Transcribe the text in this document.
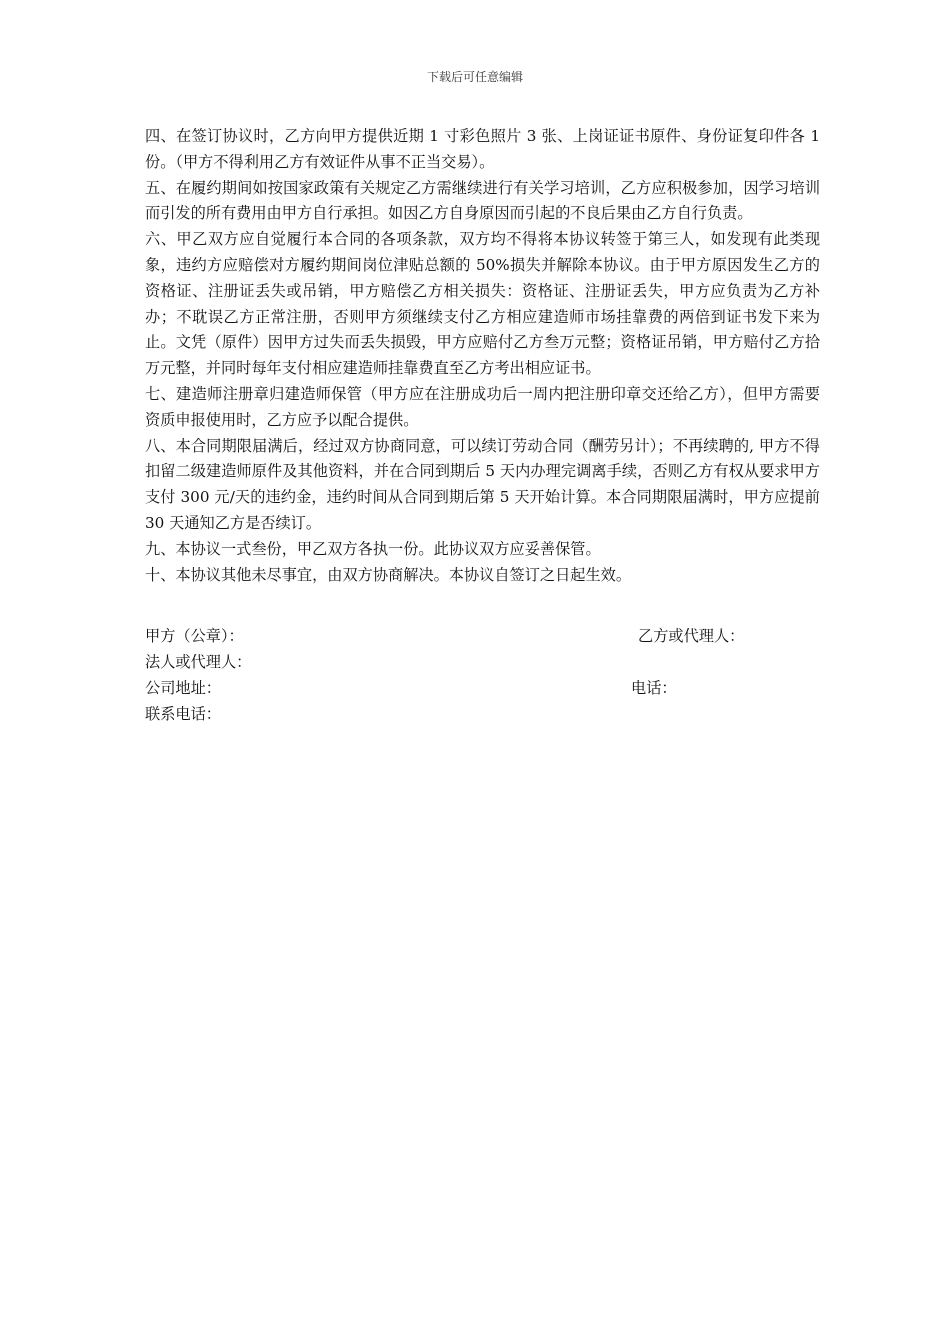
下载后可任意编辑

四、在签订协议时，乙方向甲方提供近期 1 寸彩色照片 3 张、上岗证证书原件、身份证复印件各 1 份。（甲方不得利用乙方有效证件从事不正当交易）。

五、在履约期间如按国家政策有关规定乙方需继续进行有关学习培训，乙方应积极参加，因学习培训而引发的所有费用由甲方自行承担。如因乙方自身原因而引起的不良后果由乙方自行负责。

六、甲乙双方应自觉履行本合同的各项条款，双方均不得将本协议转签于第三人，如发现有此类现象，违约方应赔偿对方履约期间岗位津贴总额的 50%损失并解除本协议。由于甲方原因发生乙方的资格证、注册证丢失或吊销，甲方赔偿乙方相关损失：资格证、注册证丢失，甲方应负责为乙方补办；不耽误乙方正常注册，否则甲方须继续支付乙方相应建造师市场挂靠费的两倍到证书发下来为止。文凭（原件）因甲方过失而丢失损毁，甲方应赔付乙方叁万元整；资格证吊销，甲方赔付乙方拾万元整，并同时每年支付相应建造师挂靠费直至乙方考出相应证书。

七、建造师注册章归建造师保管（甲方应在注册成功后一周内把注册印章交还给乙方），但甲方需要资质申报使用时，乙方应予以配合提供。

八、本合同期限届满后，经过双方协商同意，可以续订劳动合同（酬劳另计）；不再续聘的, 甲方不得扣留二级建造师原件及其他资料，并在合同到期后 5 天内办理完调离手续，否则乙方有权从要求甲方支付 300 元/天的违约金，违约时间从合同到期后第 5 天开始计算。本合同期限届满时，甲方应提前 30 天通知乙方是否续订。

九、本协议一式叁份，甲乙双方各执一份。此协议双方应妥善保管。

十、本协议其他未尽事宜，由双方协商解决。本协议自签订之日起生效。

甲方（公章）：	乙方或代理人：
法人或代理人：
公司地址：	电话：
联系电话：
